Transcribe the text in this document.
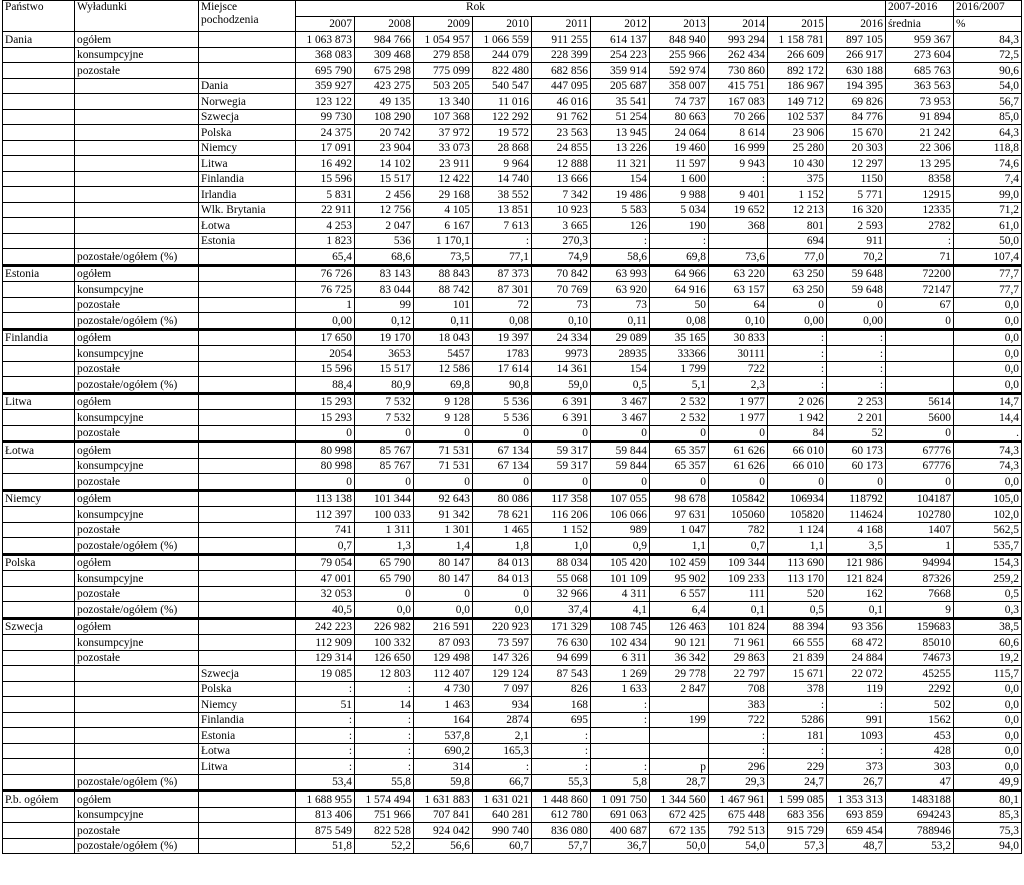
Państwo	Wyładunki	Miejsce pochodzenia	Rok										2007-2016	2016/2007
			2007	2008	2009	2010	2011	2012	2013	2014	2015	2016	średnia	%
Dania	ogółem		1 063 873	984 766	1 054 957	1 066 559	911 255	614 137	848 940	993 294	1 158 781	897 105	959 367	84,3
	konsumpcyjne		368 083	309 468	279 858	244 079	228 399	254 223	255 966	262 434	266 609	266 917	273 604	72,5
	pozostałe		695 790	675 298	775 099	822 480	682 856	359 914	592 974	730 860	892 172	630 188	685 763	90,6
		Dania	359 927	423 275	503 205	540 547	447 095	205 687	358 007	415 751	186 967	194 395	363 563	54,0
		Norwegia	123 122	49 135	13 340	11 016	46 016	35 541	74 737	167 083	149 712	69 826	73 953	56,7
		Szwecja	99 730	108 290	107 368	122 292	91 762	51 254	80 663	70 266	102 537	84 776	91 894	85,0
		Polska	24 375	20 742	37 972	19 572	23 563	13 945	24 064	8 614	23 906	15 670	21 242	64,3
		Niemcy	17 091	23 904	33 073	28 868	24 855	13 226	19 460	16 999	25 280	20 303	22 306	118,8
		Litwa	16 492	14 102	23 911	9 964	12 888	11 321	11 597	9 943	10 430	12 297	13 295	74,6
		Finlandia	15 596	15 517	12 422	14 740	13 666	154	1 600	:	375	1150	8358	7,4
		Irlandia	5 831	2 456	29 168	38 552	7 342	19 486	9 988	9 401	1 152	5 771	12915	99,0
		Wlk. Brytania	22 911	12 756	4 105	13 851	10 923	5 583	5 034	19 652	12 213	16 320	12335	71,2
		Łotwa	4 253	2 047	6 167	7 613	3 665	126	190	368	801	2 593	2782	61,0
		Estonia	1 823	536	1 170,1	:	270,3	:	:		694	911	:	50,0
	pozostałe/ogółem (%)		65,4	68,6	73,5	77,1	74,9	58,6	69,8	73,6	77,0	70,2	71	107,4
Estonia	ogółem		76 726	83 143	88 843	87 373	70 842	63 993	64 966	63 220	63 250	59 648	72200	77,7
	konsumpcyjne		76 725	83 044	88 742	87 301	70 769	63 920	64 916	63 157	63 250	59 648	72147	77,7
	pozostałe		1	99	101	72	73	73	50	64	0	0	67	0,0
	pozostałe/ogółem (%)		0,00	0,12	0,11	0,08	0,10	0,11	0,08	0,10	0,00	0,00	0	0,0
Finlandia	ogółem		17 650	19 170	18 043	19 397	24 334	29 089	35 165	30 833	:	:		0,0
	konsumpcyjne		2054	3653	5457	1783	9973	28935	33366	30111	:	:		0,0
	pozostałe		15 596	15 517	12 586	17 614	14 361	154	1 799	722	:	:		0,0
	pozostałe/ogółem (%)		88,4	80,9	69,8	90,8	59,0	0,5	5,1	2,3	:	:		0,0
Litwa	ogółem		15 293	7 532	9 128	5 536	6 391	3 467	2 532	1 977	2 026	2 253	5614	14,7
	konsumpcyjne		15 293	7 532	9 128	5 536	6 391	3 467	2 532	1 977	1 942	2 201	5600	14,4
	pozostałe		0	0	0	0	0	0	0	0	84	52	0	.
Łotwa	ogółem		80 998	85 767	71 531	67 134	59 317	59 844	65 357	61 626	66 010	60 173	67776	74,3
	konsumpcyjne		80 998	85 767	71 531	67 134	59 317	59 844	65 357	61 626	66 010	60 173	67776	74,3
	pozostałe		0	0	0	0	0	0	0	0	0	0	0	0,0
Niemcy	ogółem		113 138	101 344	92 643	80 086	117 358	107 055	98 678	105842	106934	118792	104187	105,0
	konsumpcyjne		112 397	100 033	91 342	78 621	116 206	106 066	97 631	105060	105820	114624	102780	102,0
	pozostałe		741	1 311	1 301	1 465	1 152	989	1 047	782	1 124	4 168	1407	562,5
	pozostałe/ogółem (%)		0,7	1,3	1,4	1,8	1,0	0,9	1,1	0,7	1,1	3,5	1	535,7
Polska	ogółem		79 054	65 790	80 147	84 013	88 034	105 420	102 459	109 344	113 690	121 986	94994	154,3
	konsumpcyjne		47 001	65 790	80 147	84 013	55 068	101 109	95 902	109 233	113 170	121 824	87326	259,2
	pozostałe		32 053	0	0	0	32 966	4 311	6 557	111	520	162	7668	0,5
	pozostałe/ogółem (%)		40,5	0,0	0,0	0,0	37,4	4,1	6,4	0,1	0,5	0,1	9	0,3
Szwecja	ogółem		242 223	226 982	216 591	220 923	171 329	108 745	126 463	101 824	88 394	93 356	159683	38,5
	konsumpcyjne		112 909	100 332	87 093	73 597	76 630	102 434	90 121	71 961	66 555	68 472	85010	60,6
	pozostałe		129 314	126 650	129 498	147 326	94 699	6 311	36 342	29 863	21 839	24 884	74673	19,2
		Szwecja	19 085	12 803	112 407	129 124	87 543	1 269	29 778	22 797	15 671	22 072	45255	115,7
		Polska	:	:	4 730	7 097	826	1 633	2 847	708	378	119	2292	0,0
		Niemcy	51	14	1 463	934	168	:		383	:	:	502	0,0
		Finlandia	:	:	164	2874	695	:	199	722	5286	991	1562	0,0
		Estonia	:	:	537,8	2,1	:			:	181	1093	453	0,0
		Łotwa	:	:	690,2	165,3	:			:	:	:	428	0,0
		Litwa	:	:	314	:	:	:	p	296	229	373	303	0,0
	pozostałe/ogółem (%)		53,4	55,8	59,8	66,7	55,3	5,8	28,7	29,3	24,7	26,7	47	49,9
P.b. ogółem	ogółem		1 688 955	1 574 494	1 631 883	1 631 021	1 448 860	1 091 750	1 344 560	1 467 961	1 599 085	1 353 313	1483188	80,1
	konsumpcyjne		813 406	751 966	707 841	640 281	612 780	691 063	672 425	675 448	683 356	693 859	694243	85,3
	pozostałe		875 549	822 528	924 042	990 740	836 080	400 687	672 135	792 513	915 729	659 454	788946	75,3
	pozostałe/ogółem (%)		51,8	52,2	56,6	60,7	57,7	36,7	50,0	54,0	57,3	48,7	53,2	94,0
